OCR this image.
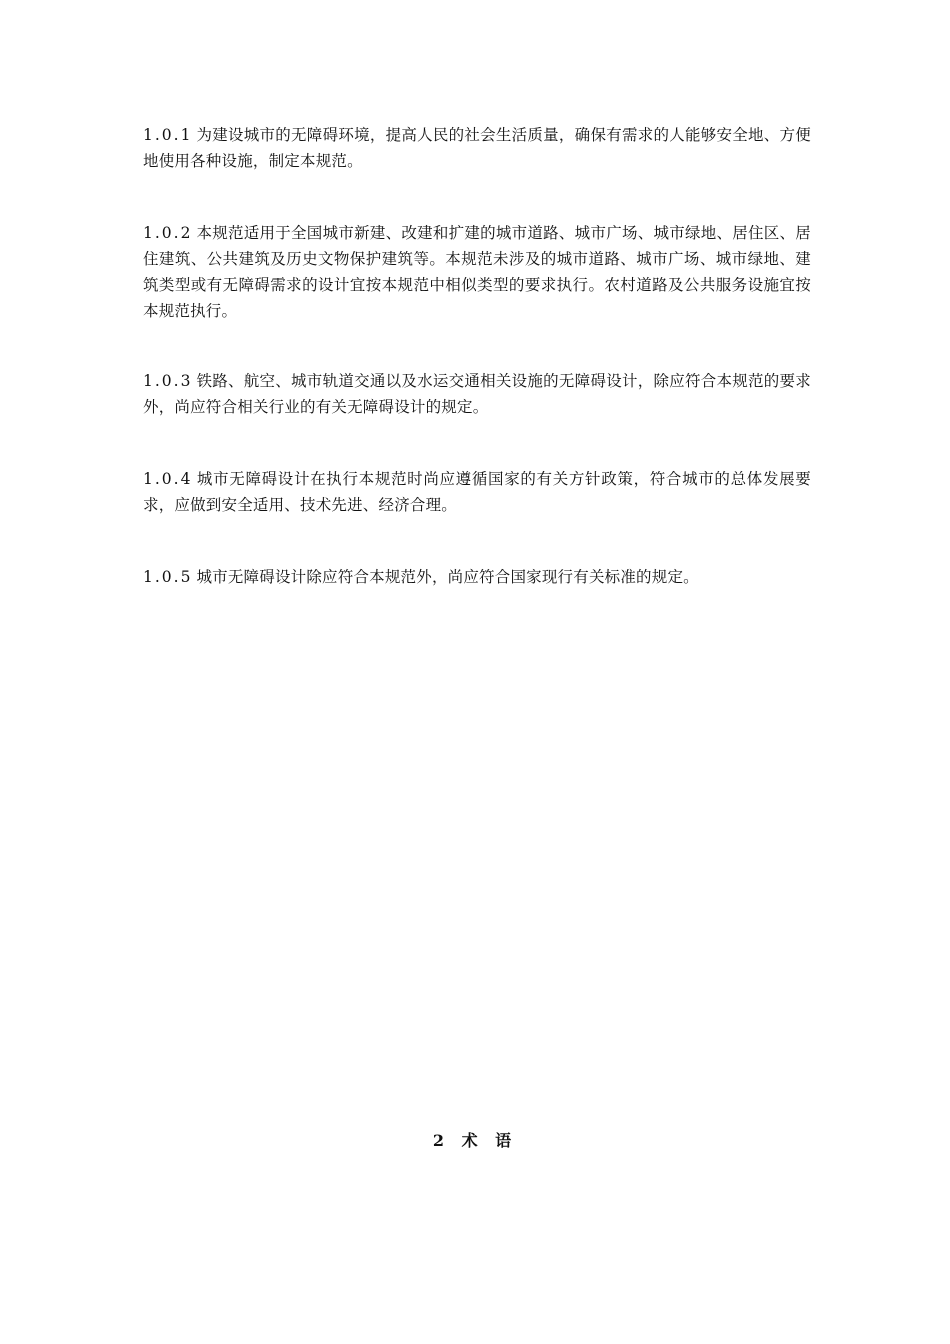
1.0.1 为建设城市的无障碍环境，提高人民的社会生活质量，确保有需求的人能够安全地、方便地使用各种设施，制定本规范。

1.0.2 本规范适用于全国城市新建、改建和扩建的城市道路、城市广场、城市绿地、居住区、居住建筑、公共建筑及历史文物保护建筑等。本规范未涉及的城市道路、城市广场、城市绿地、建筑类型或有无障碍需求的设计宜按本规范中相似类型的要求执行。农村道路及公共服务设施宜按本规范执行。

1.0.3 铁路、航空、城市轨道交通以及水运交通相关设施的无障碍设计，除应符合本规范的要求外，尚应符合相关行业的有关无障碍设计的规定。

1.0.4 城市无障碍设计在执行本规范时尚应遵循国家的有关方针政策，符合城市的总体发展要求，应做到安全适用、技术先进、经济合理。

1.0.5 城市无障碍设计除应符合本规范外，尚应符合国家现行有关标准的规定。

2 术 语
